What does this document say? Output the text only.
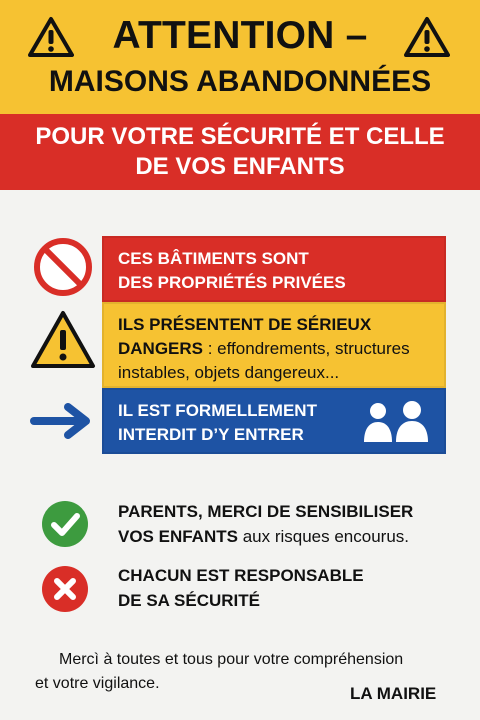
ATTENTION –
MAISONS ABANDONNÉES
POUR VOTRE SÉCURITÉ ET CELLE
DE VOS ENFANTS
CES BÂTIMENTS SONT
DES PROPRIÉTÉS PRIVÉES
ILS PRÉSENTENT DE SÉRIEUX
DANGERS : effondrements, structures
instables, objets dangereux...
IL EST FORMELLEMENT
INTERDIT D’Y ENTRER
PARENTS, MERCI DE SENSIBILISER
VOS ENFANTS aux risques encourus.
CHACUN EST RESPONSABLE
DE SA SÉCURITÉ
Mercì à toutes et tous pour votre compréhension
et votre vigilance.
LA MAIRIE
